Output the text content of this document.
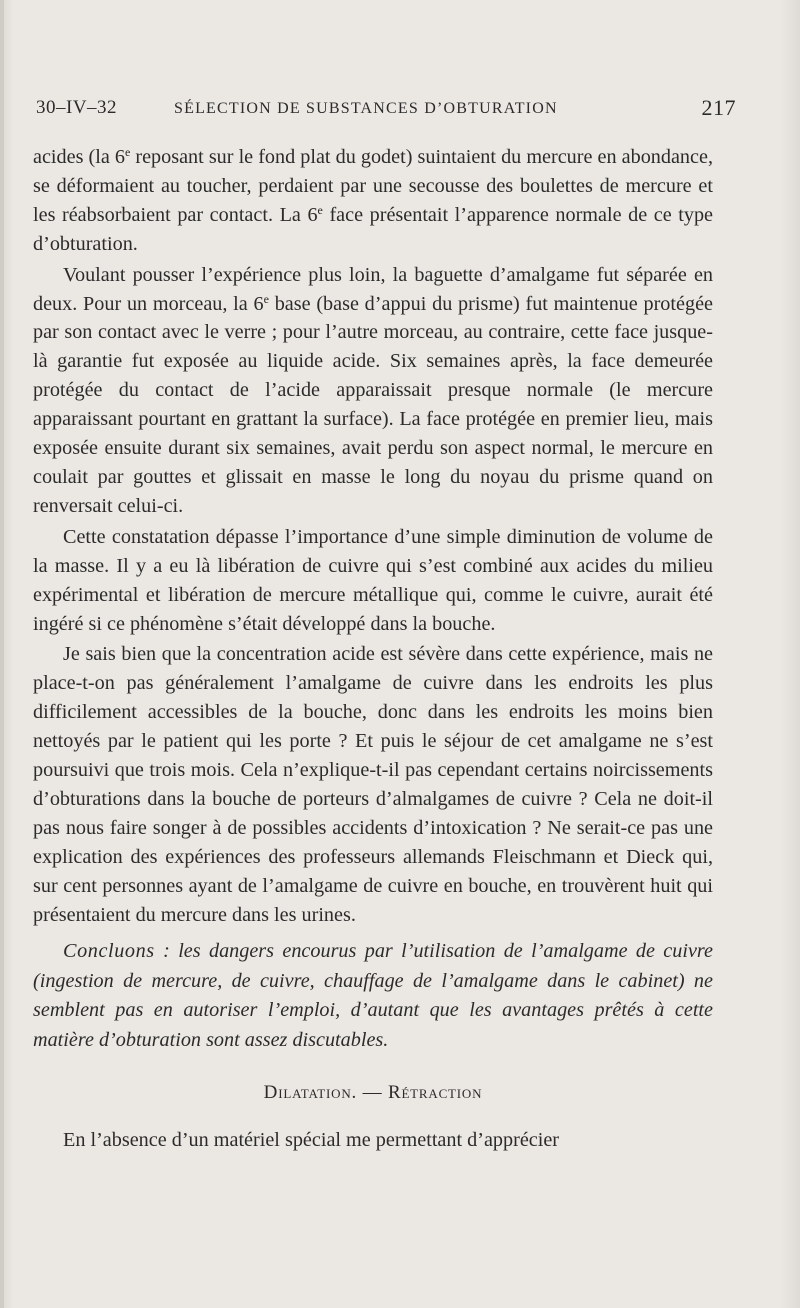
30–IV–32	SÉLECTION DE SUBSTANCES D’OBTURATION	217

acides (la 6e reposant sur le fond plat du godet) suintaient du mercure en abondance, se déformaient au toucher, perdaient par une secousse des boulettes de mercure et les réabsorbaient par contact. La 6e face présentait l’apparence normale de ce type d’obturation.

Voulant pousser l’expérience plus loin, la baguette d’amalgame fut séparée en deux. Pour un morceau, la 6e base (base d’appui du prisme) fut maintenue protégée par son contact avec le verre ; pour l’autre morceau, au contraire, cette face jusque-là garantie fut exposée au liquide acide. Six semaines après, la face demeurée protégée du contact de l’acide apparaissait presque normale (le mercure apparaissant pourtant en grattant la surface). La face protégée en premier lieu, mais exposée ensuite durant six semaines, avait perdu son aspect normal, le mercure en coulait par gouttes et glissait en masse le long du noyau du prisme quand on renversait celui-ci.

Cette constatation dépasse l’importance d’une simple diminution de volume de la masse. Il y a eu là libération de cuivre qui s’est combiné aux acides du milieu expérimental et libération de mercure métallique qui, comme le cuivre, aurait été ingéré si ce phénomène s’était développé dans la bouche.

Je sais bien que la concentration acide est sévère dans cette expérience, mais ne place-t-on pas généralement l’amalgame de cuivre dans les endroits les plus difficilement accessibles de la bouche, donc dans les endroits les moins bien nettoyés par le patient qui les porte ? Et puis le séjour de cet amalgame ne s’est poursuivi que trois mois. Cela n’explique-t-il pas cependant certains noircissements d’obturations dans la bouche de porteurs d’almalgames de cuivre ? Cela ne doit-il pas nous faire songer à de possibles accidents d’intoxication ? Ne serait-ce pas une explication des expériences des professeurs allemands Fleischmann et Dieck qui, sur cent personnes ayant de l’amalgame de cuivre en bouche, en trouvèrent huit qui présentaient du mercure dans les urines.

Concluons : les dangers encourus par l’utilisation de l’amalgame de cuivre (ingestion de mercure, de cuivre, chauffage de l’amalgame dans le cabinet) ne semblent pas en autoriser l’emploi, d’autant que les avantages prêtés à cette matière d’obturation sont assez discutables.

Dilatation. — Rétraction

En l’absence d’un matériel spécial me permettant d’apprécier
